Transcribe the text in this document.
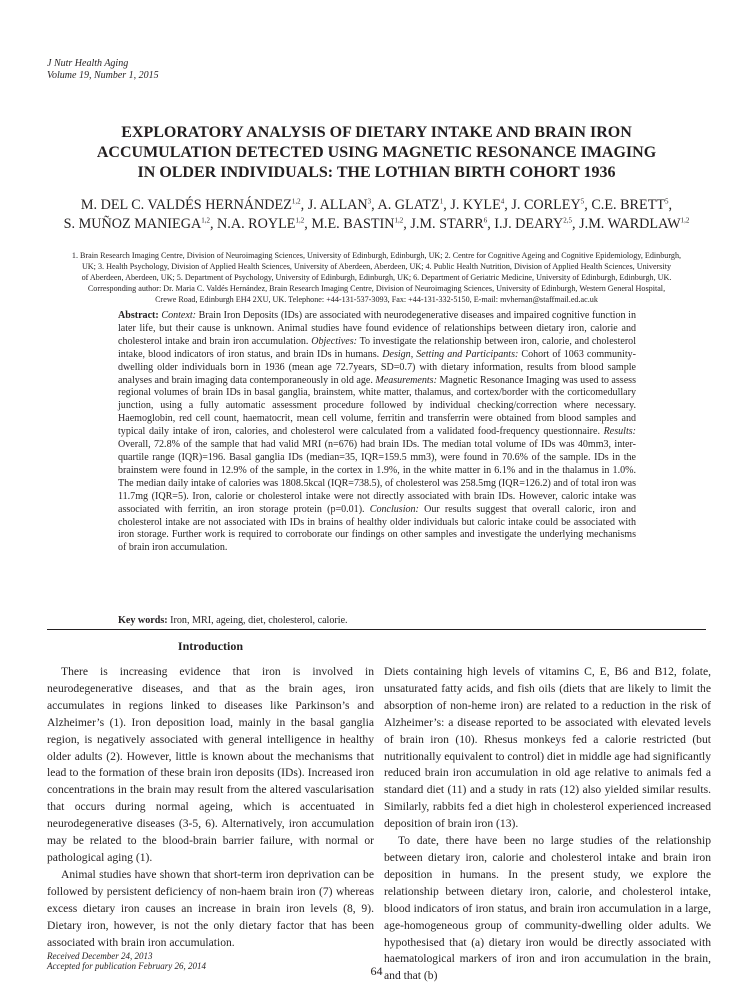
J Nutr Health Aging
Volume 19, Number 1, 2015
EXPLORATORY ANALYSIS OF DIETARY INTAKE AND BRAIN IRON
ACCUMULATION DETECTED USING MAGNETIC RESONANCE IMAGING
IN OLDER INDIVIDUALS: THE LOTHIAN BIRTH COHORT 1936
M. DEL C. VALDÉS HERNÁNDEZ$^{1,2}$, J. ALLAN$^3$, A. GLATZ$^1$, J. KYLE$^4$, J. CORLEY$^5$, C.E. BRETT$^5$,
S. MUÑOZ MANIEGA$^{1,2}$, N.A. ROYLE$^{1,2}$, M.E. BASTIN$^{1,2}$, J.M. STARR$^6$, I.J. DEARY$^{2,5}$, J.M. WARDLAW$^{1,2}$
1. Brain Research Imaging Centre, Division of Neuroimaging Sciences, University of Edinburgh, Edinburgh, UK; 2. Centre for Cognitive Ageing and Cognitive Epidemiology, Edinburgh,
UK; 3. Health Psychology, Division of Applied Health Sciences, University of Aberdeen, Aberdeen, UK; 4. Public Health Nutrition, Division of Applied Health Sciences, University
of Aberdeen, Aberdeen, UK; 5. Department of Psychology, University of Edinburgh, Edinburgh, UK; 6. Department of Geriatric Medicine, University of Edinburgh, Edinburgh, UK.
Corresponding author: Dr. Maria C. Valdés Hernández, Brain Research Imaging Centre, Division of Neuroimaging Sciences, University of Edinburgh, Western General Hospital,
Crewe Road, Edinburgh EH4 2XU, UK. Telephone: +44-131-537-3093, Fax: +44-131-332-5150, E-mail: mvhernan@staffmail.ed.ac.uk
Abstract: Context: Brain Iron Deposits (IDs) are associated with neurodegenerative diseases and impaired cognitive function in later life, but their cause is unknown. Animal studies have found evidence of relationships between dietary iron, calorie and cholesterol intake and brain iron accumulation. Objectives: To investigate the relationship between iron, calorie, and cholesterol intake, blood indicators of iron status, and brain IDs in humans. Design, Setting and Participants: Cohort of 1063 community-dwelling older individuals born in 1936 (mean age 72.7years, SD=0.7) with dietary information, results from blood sample analyses and brain imaging data contemporaneously in old age. Measurements: Magnetic Resonance Imaging was used to assess regional volumes of brain IDs in basal ganglia, brainstem, white matter, thalamus, and cortex/border with the corticomedullary junction, using a fully automatic assessment procedure followed by individual checking/correction where necessary. Haemoglobin, red cell count, haematocrit, mean cell volume, ferritin and transferrin were obtained from blood samples and typical daily intake of iron, calories, and cholesterol were calculated from a validated food-frequency questionnaire. Results: Overall, 72.8% of the sample that had valid MRI (n=676) had brain IDs. The median total volume of IDs was 40mm3, inter-quartile range (IQR)=196. Basal ganglia IDs (median=35, IQR=159.5 mm3), were found in 70.6% of the sample. IDs in the brainstem were found in 12.9% of the sample, in the cortex in 1.9%, in the white matter in 6.1% and in the thalamus in 1.0%. The median daily intake of calories was 1808.5kcal (IQR=738.5), of cholesterol was 258.5mg (IQR=126.2) and of total iron was 11.7mg (IQR=5). Iron, calorie or cholesterol intake were not directly associated with brain IDs. However, caloric intake was associated with ferritin, an iron storage protein (p=0.01). Conclusion: Our results suggest that overall caloric, iron and cholesterol intake are not associated with IDs in brains of healthy older individuals but caloric intake could be associated with iron storage. Further work is required to corroborate our findings on other samples and investigate the underlying mechanisms of brain iron accumulation.
Key words: Iron, MRI, ageing, diet, cholesterol, calorie.
Introduction

There is increasing evidence that iron is involved in neurodegenerative diseases, and that as the brain ages, iron accumulates in regions linked to diseases like Parkinson’s and Alzheimer’s (1). Iron deposition load, mainly in the basal ganglia region, is negatively associated with general intelligence in healthy older adults (2). However, little is known about the mechanisms that lead to the formation of these brain iron deposits (IDs). Increased iron concentrations in the brain may result from the altered vascularisation that occurs during normal ageing, which is accentuated in neurodegenerative diseases (3-5, 6). Alternatively, iron accumulation may be related to the blood-brain barrier failure, with normal or pathological aging (1).

Animal studies have shown that short-term iron deprivation can be followed by persistent deficiency of non-haem brain iron (7) whereas excess dietary iron causes an increase in brain iron levels (8, 9). Dietary iron, however, is not the only dietary factor that has been associated with brain iron accumulation.

Diets containing high levels of vitamins C, E, B6 and B12, folate, unsaturated fatty acids, and fish oils (diets that are likely to limit the absorption of non-heme iron) are related to a reduction in the risk of Alzheimer’s: a disease reported to be associated with elevated levels of brain iron (10). Rhesus monkeys fed a calorie restricted (but nutritionally equivalent to control) diet in middle age had significantly reduced brain iron accumulation in old age relative to animals fed a standard diet (11) and a study in rats (12) also yielded similar results. Similarly, rabbits fed a diet high in cholesterol experienced increased deposition of brain iron (13).

To date, there have been no large studies of the relationship between dietary iron, calorie and cholesterol intake and brain iron deposition in humans. In the present study, we explore the relationship between dietary iron, calorie, and cholesterol intake, blood indicators of iron status, and brain iron accumulation in a large, age-homogeneous group of community-dwelling older adults. We hypothesised that (a) dietary iron would be directly associated with haematological markers of iron and iron accumulation in the brain, and that (b)

Received December 24, 2013
Accepted for publication February 26, 2014	64
